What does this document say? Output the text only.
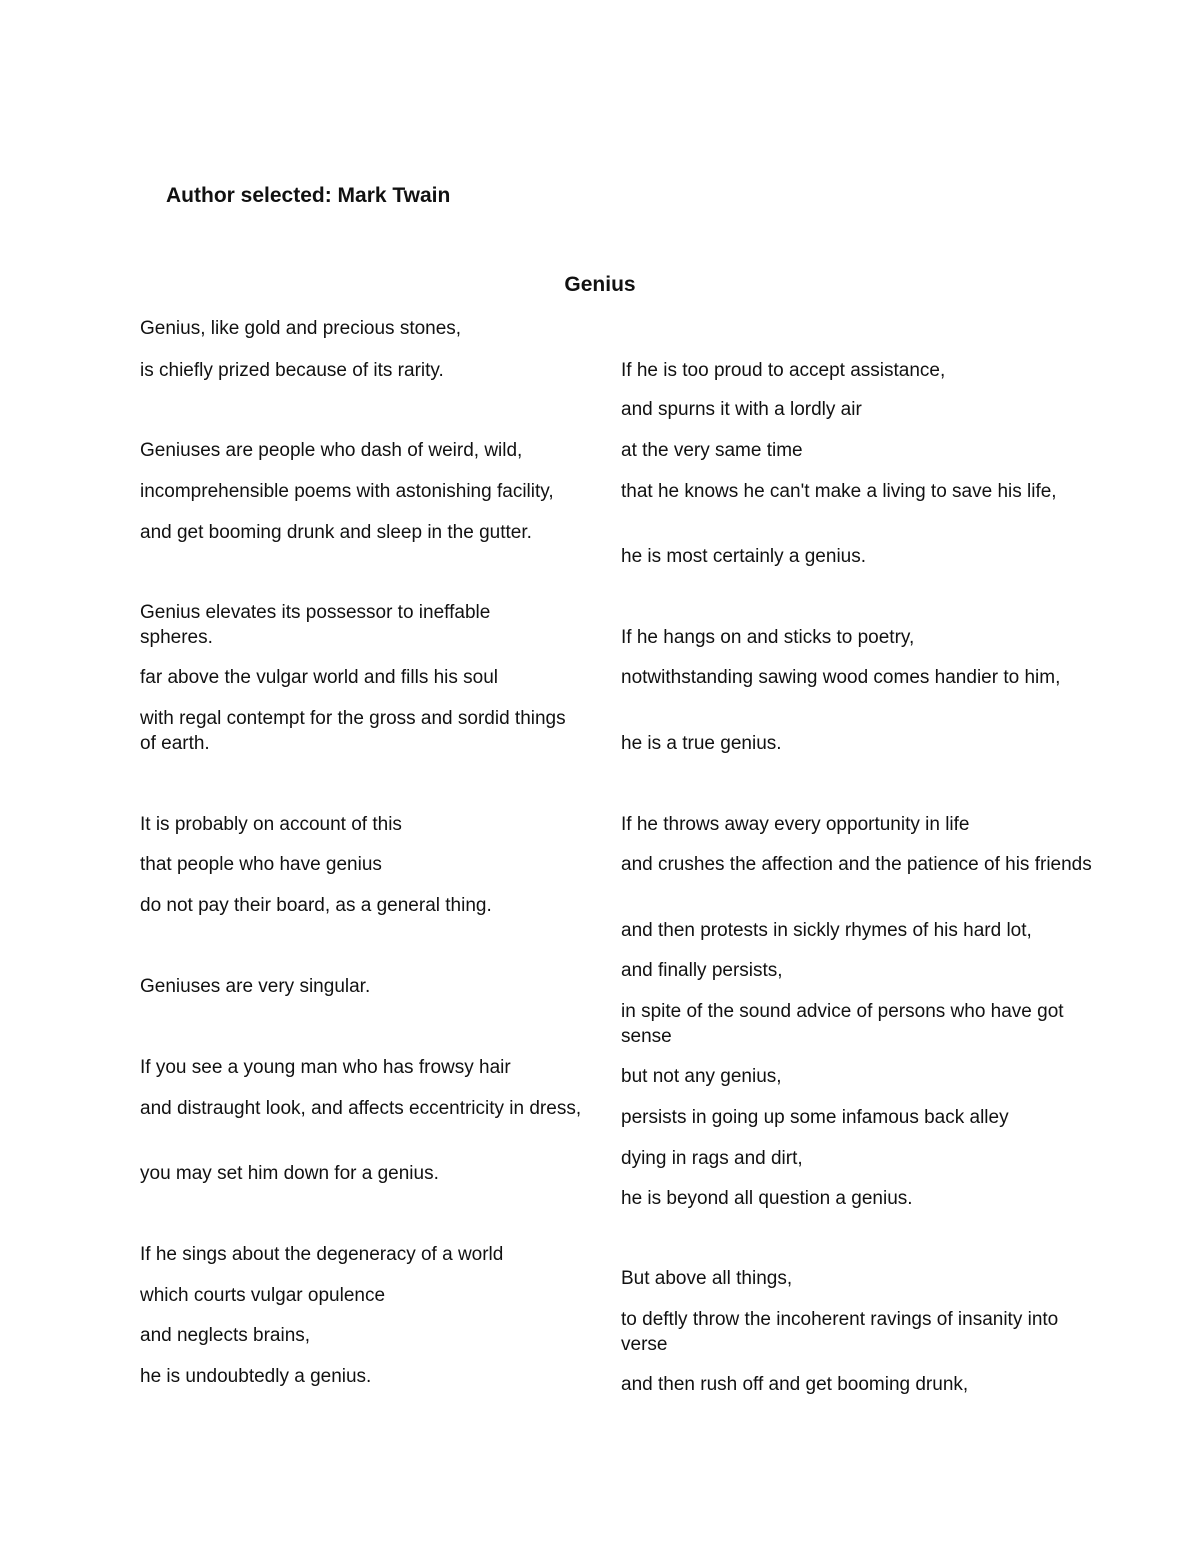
Author selected: Mark Twain
Genius

Genius, like gold and precious stones,

is chiefly prized because of its rarity.

Geniuses are people who dash of weird, wild,

incomprehensible poems with astonishing facility,

and get booming drunk and sleep in the gutter.

Genius elevates its possessor to ineffable spheres.

far above the vulgar world and fills his soul

with regal contempt for the gross and sordid things of earth.

It is probably on account of this

that people who have genius

do not pay their board, as a general thing.

Geniuses are very singular.

If you see a young man who has frowsy hair

and distraught look, and affects eccentricity in dress,

you may set him down for a genius.

If he sings about the degeneracy of a world

which courts vulgar opulence

and neglects brains,

he is undoubtedly a genius.

If he is too proud to accept assistance,

and spurns it with a lordly air

at the very same time

that he knows he can't make a living to save his life,

he is most certainly a genius.

If he hangs on and sticks to poetry,

notwithstanding sawing wood comes handier to him,

he is a true genius.

If he throws away every opportunity in life

and crushes the affection and the patience of his friends

and then protests in sickly rhymes of his hard lot,

and finally persists,

in spite of the sound advice of persons who have got sense

but not any genius,

persists in going up some infamous back alley

dying in rags and dirt,

he is beyond all question a genius.

But above all things,

to deftly throw the incoherent ravings of insanity into verse

and then rush off and get booming drunk,
